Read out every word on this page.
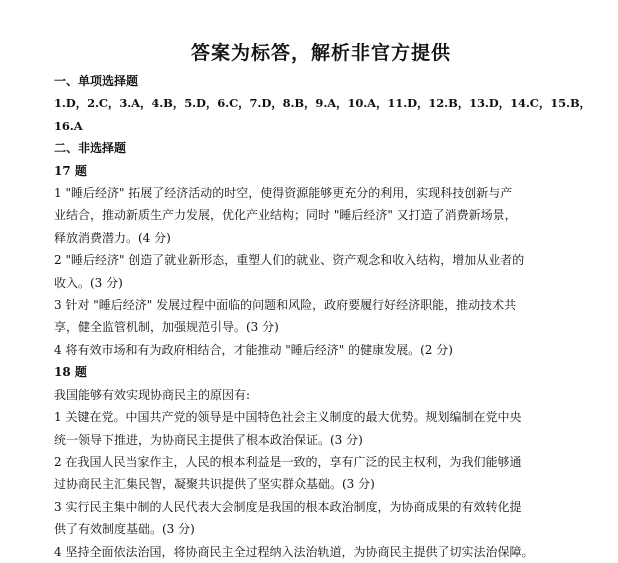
答案为标答，解析非官方提供
一、单项选择题
1.D，2.C，3.A，4.B，5.D，6.C，7.D，8.B，9.A，10.A，11.D，12.B，13.D，14.C，15.B，
16.A
二、非选择题
17 题
1 "睡后经济" 拓展了经济活动的时空，使得资源能够更充分的利用，实现科技创新与产
业结合，推动新质生产力发展，优化产业结构；同时 "睡后经济" 又打造了消费新场景，
释放消费潜力。(4 分)
2 "睡后经济" 创造了就业新形态，重塑人们的就业、资产观念和收入结构，增加从业者的
收入。(3 分)
3 针对 "睡后经济" 发展过程中面临的问题和风险，政府要履行好经济职能，推动技术共
享，健全监管机制，加强规范引导。(3 分)
4 将有效市场和有为政府相结合，才能推动 "睡后经济" 的健康发展。(2 分)
18 题
我国能够有效实现协商民主的原因有:
1 关键在党。中国共产党的领导是中国特色社会主义制度的最大优势。规划编制在党中央
统一领导下推进，为协商民主提供了根本政治保证。(3 分)
2 在我国人民当家作主，人民的根本利益是一致的，享有广泛的民主权利，为我们能够通
过协商民主汇集民智，凝聚共识提供了坚实群众基础。(3 分)
3 实行民主集中制的人民代表大会制度是我国的根本政治制度，为协商成果的有效转化提
供了有效制度基础。(3 分)
4 坚持全面依法治国，将协商民主全过程纳入法治轨道，为协商民主提供了切实法治保障。
